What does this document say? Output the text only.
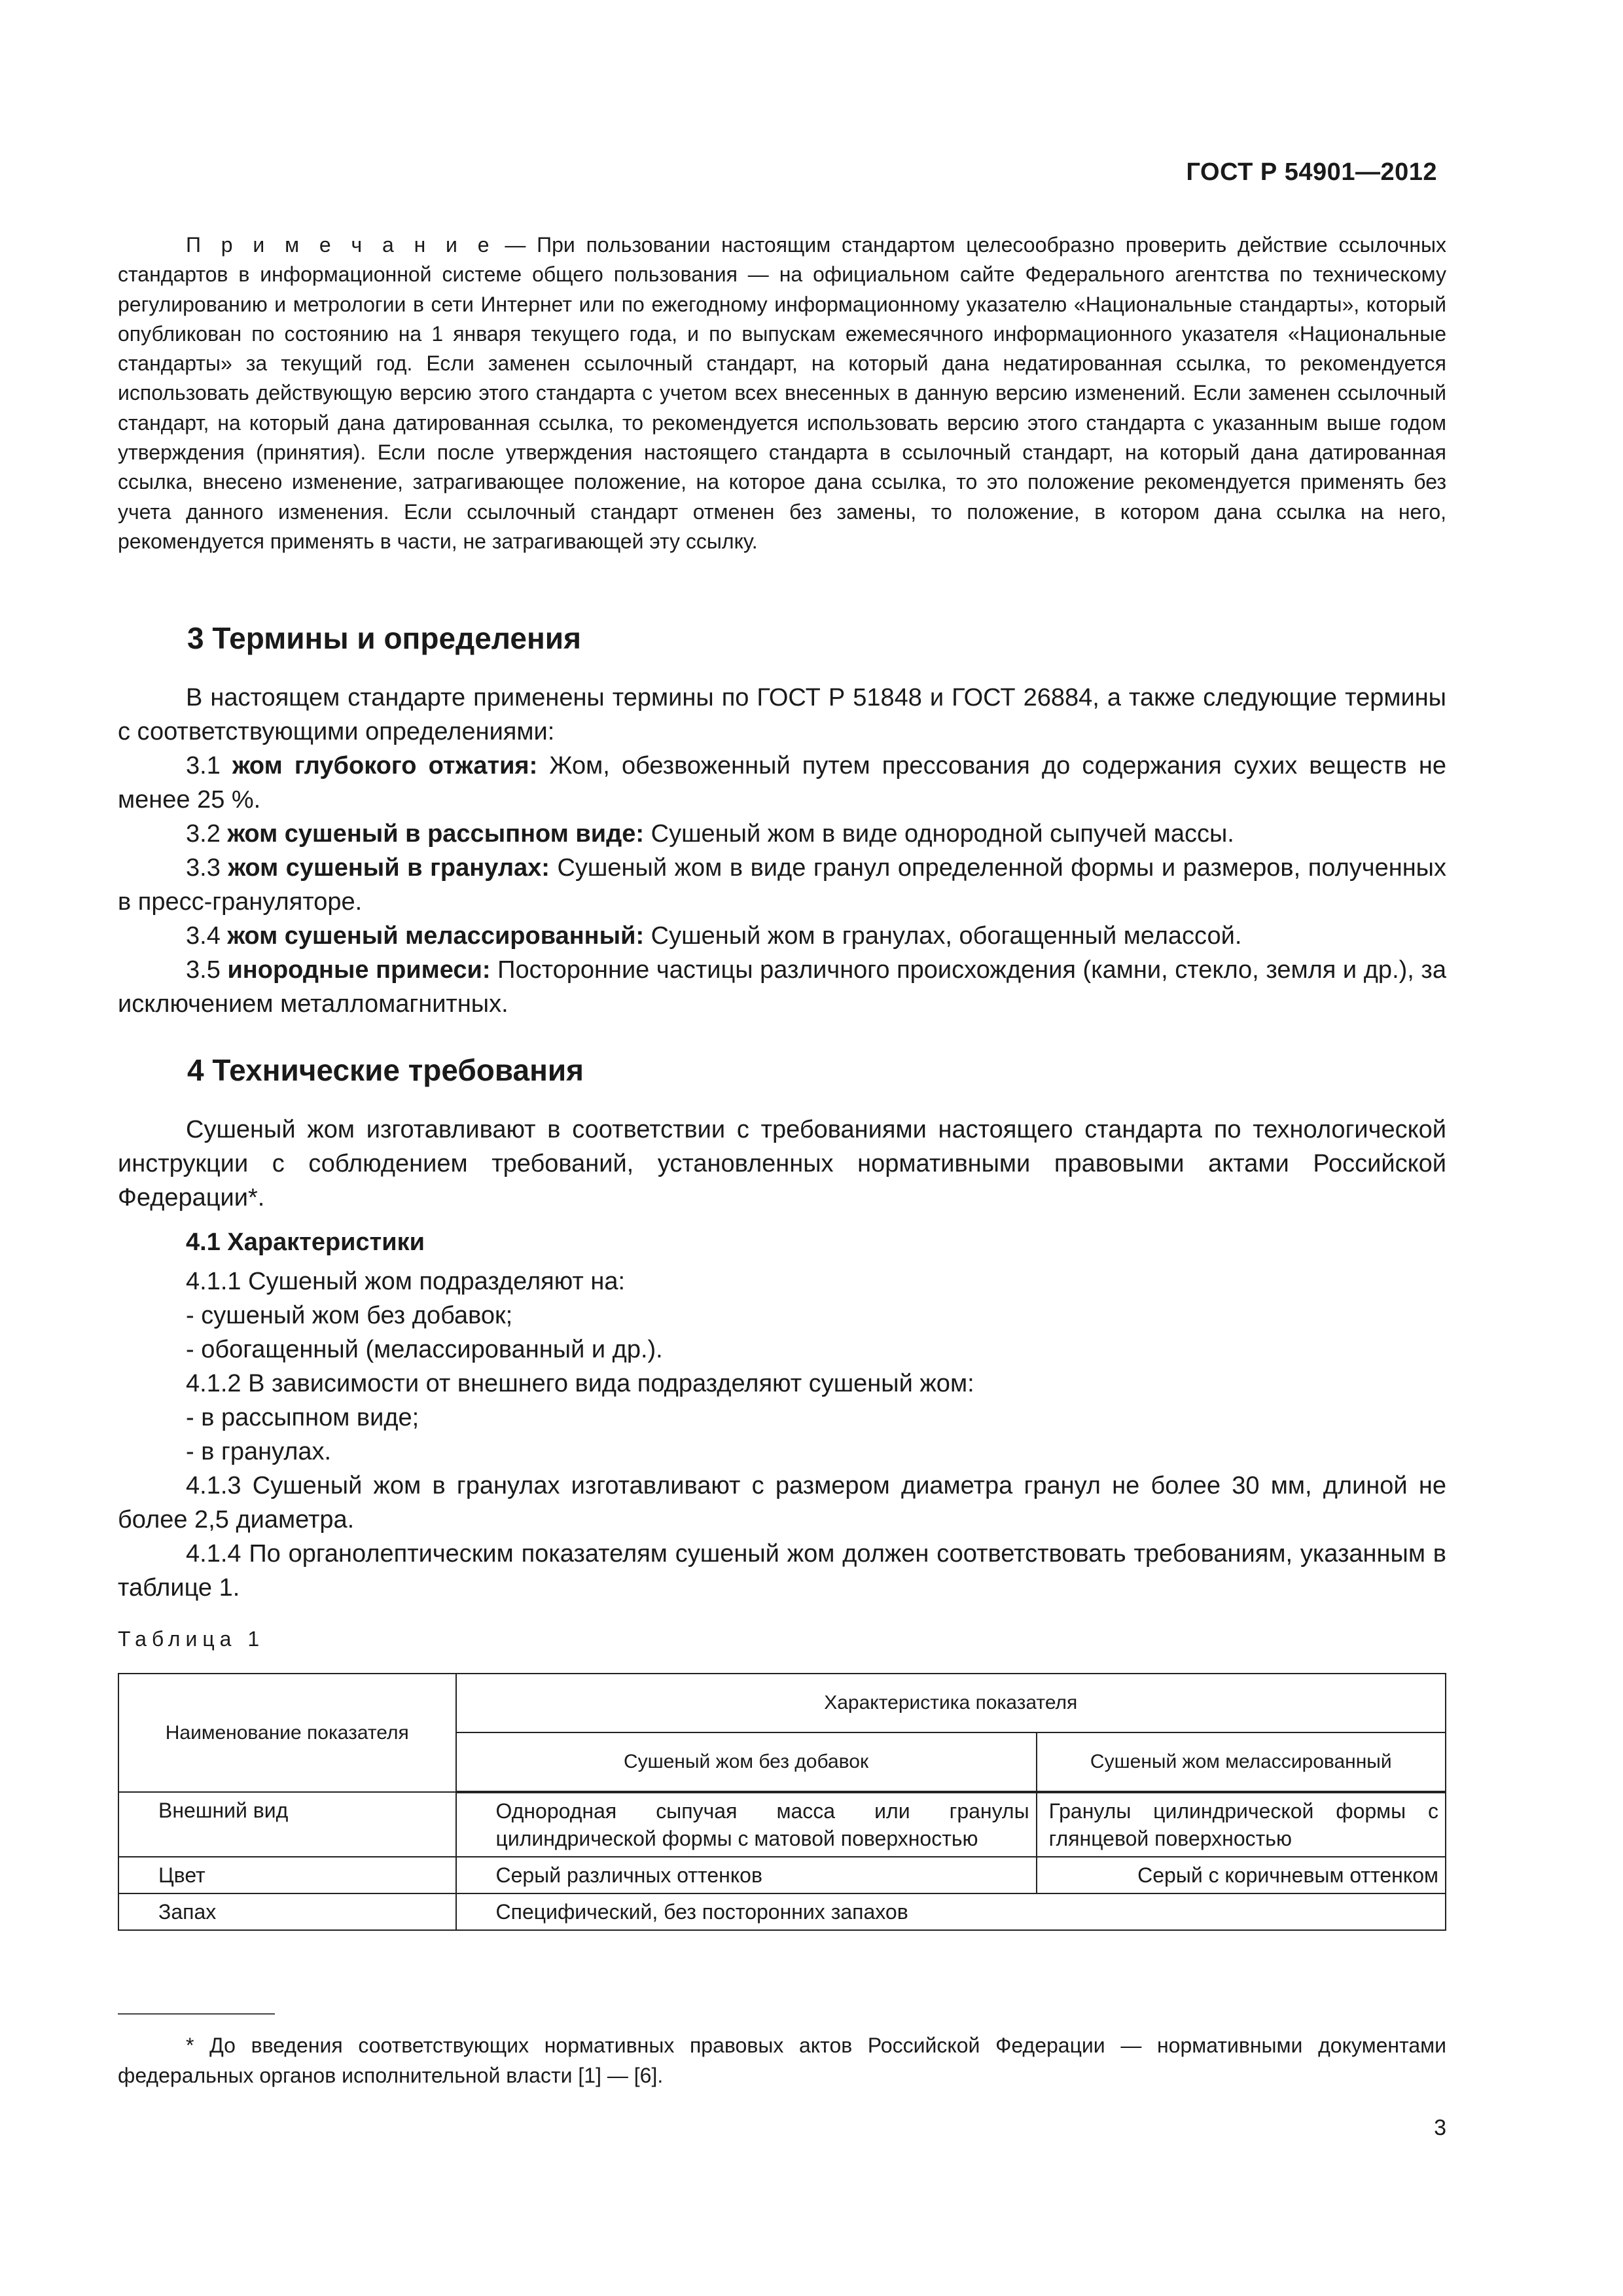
ГОСТ Р 54901—2012

П р и м е ч а н и е — При пользовании настоящим стандартом целесообразно проверить действие ссылочных стандартов в информационной системе общего пользования — на официальном сайте Федерального агентства по техническому регулированию и метрологии в сети Интернет или по ежегодному информационному указателю «Национальные стандарты», который опубликован по состоянию на 1 января текущего года, и по выпускам ежемесячного информационного указателя «Национальные стандарты» за текущий год. Если заменен ссылочный стандарт, на который дана недатированная ссылка, то рекомендуется использовать действующую версию этого стандарта с учетом всех внесенных в данную версию изменений. Если заменен ссылочный стандарт, на который дана датированная ссылка, то рекомендуется использовать версию этого стандарта с указанным выше годом утверждения (принятия). Если после утверждения настоящего стандарта в ссылочный стандарт, на который дана датированная ссылка, внесено изменение, затрагивающее положение, на которое дана ссылка, то это положение рекомендуется применять без учета данного изменения. Если ссылочный стандарт отменен без замены, то положение, в котором дана ссылка на него, рекомендуется применять в части, не затрагивающей эту ссылку.

3 Термины и определения

В настоящем стандарте применены термины по ГОСТ Р 51848 и ГОСТ 26884, а также следующие термины с соответствующими определениями:

3.1 жом глубокого отжатия: Жом, обезвоженный путем прессования до содержания сухих веществ не менее 25 %.

3.2 жом сушеный в рассыпном виде: Сушеный жом в виде однородной сыпучей массы.

3.3 жом сушеный в гранулах: Сушеный жом в виде гранул определенной формы и размеров, полученных в пресс-грануляторе.

3.4 жом сушеный мелассированный: Сушеный жом в гранулах, обогащенный мелассой.

3.5 инородные примеси: Посторонние частицы различного происхождения (камни, стекло, земля и др.), за исключением металломагнитных.

4 Технические требования

Сушеный жом изготавливают в соответствии с требованиями настоящего стандарта по технологической инструкции с соблюдением требований, установленных нормативными правовыми актами Российской Федерации*.

4.1 Характеристики

4.1.1 Сушеный жом подразделяют на:

- сушеный жом без добавок;

- обогащенный (мелассированный и др.).

4.1.2 В зависимости от внешнего вида подразделяют сушеный жом:

- в рассыпном виде;

- в гранулах.

4.1.3 Сушеный жом в гранулах изготавливают с размером диаметра гранул не более 30 мм, длиной не более 2,5 диаметра.

4.1.4 По органолептическим показателям сушеный жом должен соответствовать требованиям, указанным в таблице 1.

Таблица 1
Наименование показателя	Характеристика показателя	
	Сушеный жом без добавок	Сушеный жом мелассированный
Внешний вид	Однородная сыпучая масса или гранулы цилиндрической формы с матовой поверхностью	Гранулы цилиндрической формы с глянцевой поверхностью
Цвет	Серый различных оттенков	Серый с коричневым оттенком
Запах	Специфический, без посторонних запахов	

* До введения соответствующих нормативных правовых актов Российской Федерации — нормативными документами федеральных органов исполнительной власти [1] — [6].

3
